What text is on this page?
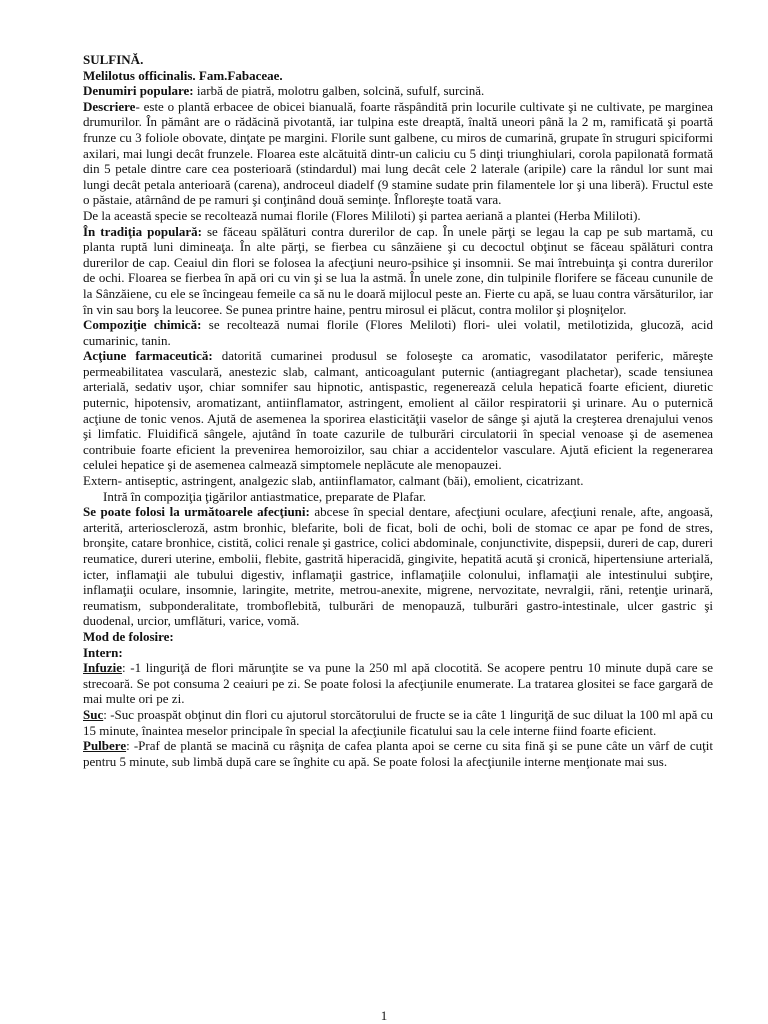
SULFINĂ.

Melilotus officinalis. Fam.Fabaceae.

Denumiri populare: iarbă de piatră, molotru galben, solcină, sufulf, surcină.

Descriere- este o plantă erbacee de obicei bianuală, foarte răspândită prin locurile cultivate şi ne cultivate, pe marginea drumurilor. În pământ are o rădăcină pivotantă, iar tulpina este dreaptă, înaltă uneori până la 2 m, ramificată şi poartă frunze cu 3 foliole obovate, dinţate pe margini. Florile sunt galbene, cu miros de cumarină, grupate în struguri spiciformi axilari, mai lungi decât frunzele. Floarea este alcătuită dintr-un caliciu cu 5 dinţi triunghiulari, corola papilonată formată din 5 petale dintre care cea posterioară (stindardul) mai lung decât cele 2 laterale (aripile) care la rândul lor sunt mai lungi decât petala anterioară (carena), androceul diadelf (9 stamine sudate prin filamentele lor şi una liberă). Fructul este o păstaie, atârnând de pe ramuri şi conţinând două seminţe. Înfloreşte toată vara.

De la această specie se recoltează numai florile (Flores Mililoti) şi partea aeriană a plantei (Herba Mililoti).

În tradiţia populară: se făceau spălături contra durerilor de cap. În unele părţi se legau la cap pe sub martamă, cu planta ruptă luni dimineaţa. În alte părţi, se fierbea cu sânzăiene şi cu decoctul obţinut se făceau spălături contra durerilor de cap. Ceaiul din flori se folosea la afecţiuni neuro-psihice şi insomnii. Se mai întrebuinţa şi contra durerilor de ochi. Floarea se fierbea în apă ori cu vin şi se lua la astmă. În unele zone, din tulpinile florifere se făceau cununile de la Sânzăiene, cu ele se încingeau femeile ca să nu le doară mijlocul peste an. Fierte cu apă, se luau contra vărsăturilor, iar în vin sau borş la leucoree. Se punea printre haine, pentru mirosul ei plăcut, contra molilor şi ploşniţelor.

Compoziţie chimică: se recoltează numai florile (Flores Meliloti) flori- ulei volatil, metilotizida, glucoză, acid cumarinic, tanin.

Acţiune farmaceutică: datorită cumarinei produsul se foloseşte ca aromatic, vasodilatator periferic, măreşte permeabilitatea vasculară, anestezic slab, calmant, anticoagulant puternic (antiagregant plachetar), scade tensiunea arterială, sedativ uşor, chiar somnifer sau hipnotic, antispastic, regenerează celula hepatică foarte eficient, diuretic puternic, hipotensiv, aromatizant, antiinflamator, astringent, emolient al căilor respiratorii şi urinare. Au o puternică acţiune de tonic venos. Ajută de asemenea la sporirea elasticităţii vaselor de sânge şi ajută la creşterea drenajului venos şi limfatic. Fluidifică sângele, ajutând în toate cazurile de tulburări circulatorii în special venoase şi de asemenea contribuie foarte eficient la prevenirea hemoroizilor, sau chiar a accidentelor vasculare. Ajută eficient la regenerarea celulei hepatice şi de asemenea calmează simptomele neplăcute ale menopauzei.

Extern- antiseptic, astringent, analgezic slab, antiinflamator, calmant (băi), emolient, cicatrizant.

Intră în compoziţia ţigărilor antiastmatice, preparate de Plafar.

Se poate folosi la următoarele afecţiuni: abcese în special dentare, afecţiuni oculare, afecţiuni renale, afte, angoasă, arterită, arterioscleroză, astm bronhic, blefarite, boli de ficat, boli de ochi, boli de stomac ce apar pe fond de stres, bronşite, catare bronhice, cistită, colici renale şi gastrice, colici abdominale, conjunctivite, dispepsii, dureri de cap, dureri reumatice, dureri uterine, embolii, flebite, gastrită hiperacidă, gingivite, hepatită acută şi cronică, hipertensiune arterială, icter, inflamaţii ale tubului digestiv, inflamaţii gastrice, inflamaţiile colonului, inflamaţii ale intestinului subţire, inflamaţii oculare, insomnie, laringite, metrite, metrou-anexite, migrene, nervozitate, nevralgii, răni, retenţie urinară, reumatism, subponderalitate, tromboflebită, tulburări de menopauză, tulburări gastro-intestinale, ulcer gastric şi duodenal, urcior, umflături, varice, vomă.

Mod de folosire:

Intern:

Infuzie: -1 linguriţă de flori mărunţite se va pune la 250 ml apă clocotită. Se acopere pentru 10 minute după care se strecoară. Se pot consuma 2 ceaiuri pe zi. Se poate folosi la afecţiunile enumerate. La tratarea glositei se face gargară de mai multe ori pe zi.

Suc: -Suc proaspăt obţinut din flori cu ajutorul storcătorului de fructe se ia câte 1 linguriţă de suc diluat la 100 ml apă cu 15 minute, înaintea meselor principale în special la afecţiunile ficatului sau la cele interne fiind foarte eficient.

Pulbere: -Praf de plantă se macină cu râşniţa de cafea planta apoi se cerne cu sita fină şi se pune câte un vârf de cuţit pentru 5 minute, sub limbă după care se înghite cu apă. Se poate folosi la afecţiunile interne menţionate mai sus.

1
